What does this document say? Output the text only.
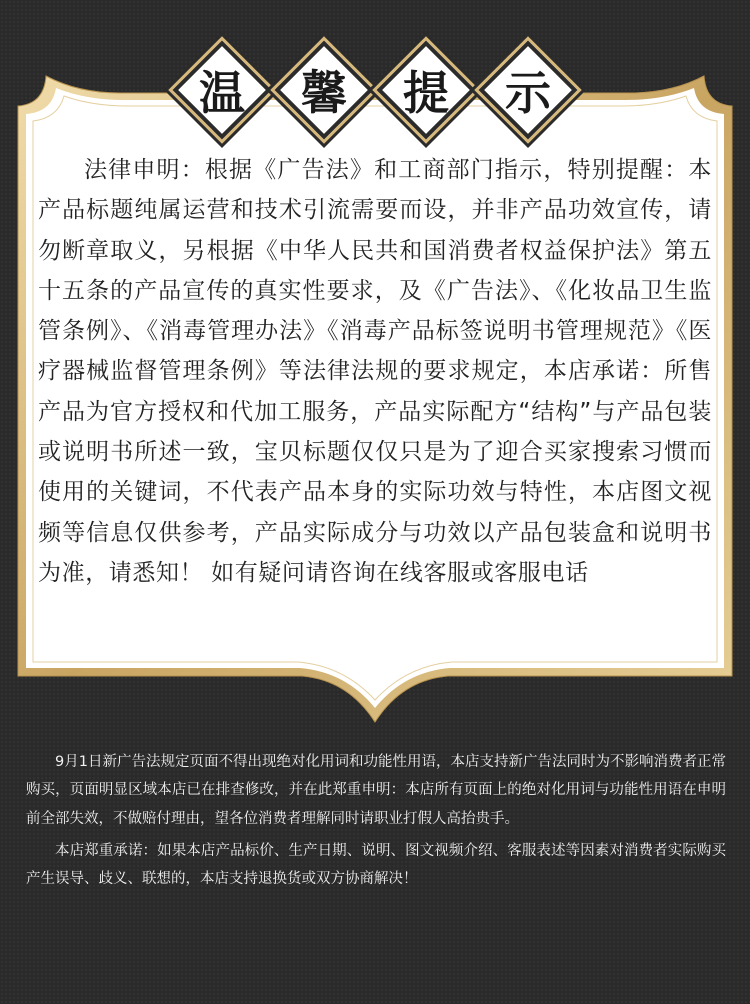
温	馨	提	示
法律申明：根据《广告法》和工商部门指示，特别提醒：本产品标题纯属运营和技术引流需要而设，并非产品功效宣传，请勿断章取义，另根据《中华人民共和国消费者权益保护法》第五十五条的产品宣传的真实性要求，及《广告法》、《化妆品卫生监管条例》、《消毒管理办法》《消毒产品标签说明书管理规范》《医疗器械监督管理条例》等法律法规的要求规定，本店承诺：所售产品为官方授权和代加工服务，产品实际配方“结构”与产品包装或说明书所述一致，宝贝标题仅仅只是为了迎合买家搜索习惯而使用的关键词，不代表产品本身的实际功效与特性，本店图文视频等信息仅供参考，产品实际成分与功效以产品包装盒和说明书为准，请悉知！ 如有疑问请咨询在线客服或客服电话

9月1日新广告法规定页面不得出现绝对化用词和功能性用语，本店支持新广告法同时为不影响消费者正常购买，页面明显区域本店已在排查修改，并在此郑重申明：本店所有页面上的绝对化用词与功能性用语在申明前全部失效，不做赔付理由，望各位消费者理解同时请职业打假人高抬贵手。

本店郑重承诺：如果本店产品标价、生产日期、说明、图文视频介绍、客服表述等因素对消费者实际购买产生误导、歧义、联想的，本店支持退换货或双方协商解决！
